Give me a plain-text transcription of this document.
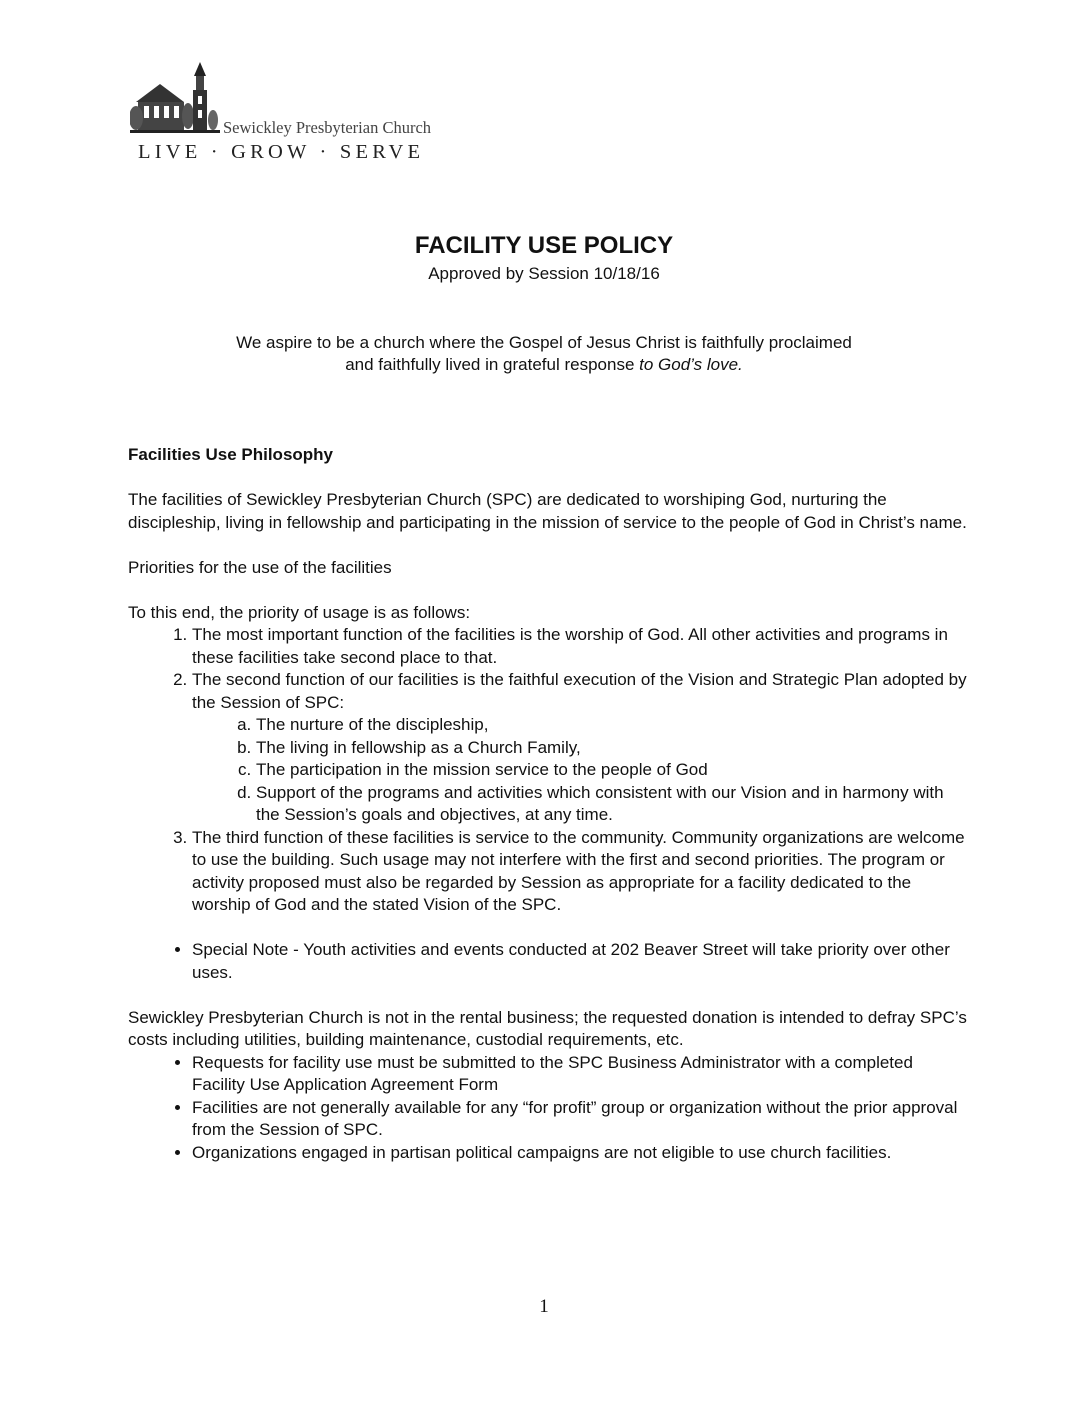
Sewickley Presbyterian Church
LIVE · GROW · SERVE
FACILITY USE POLICY
Approved by Session 10/18/16

We aspire to be a church where the Gospel of Jesus Christ is faithfully proclaimed

and faithfully lived in grateful response to God’s love.

Facilities Use Philosophy

The facilities of Sewickley Presbyterian Church (SPC) are dedicated to worshiping God, nurturing the discipleship, living in fellowship and participating in the mission of service to the people of God in Christ’s name.

Priorities for the use of the facilities

To this end, the priority of usage is as follows:

1. The most important function of the facilities is the worship of God. All other activities and programs in these facilities take second place to that.
2. The second function of our facilities is the faithful execution of the Vision and Strategic Plan adopted by the Session of SPC:
a. The nurture of the discipleship,
b. The living in fellowship as a Church Family,
c. The participation in the mission service to the people of God
d. Support of the programs and activities which consistent with our Vision and in harmony with the Session’s goals and objectives, at any time.
3. The third function of these facilities is service to the community. Community organizations are welcome to use the building. Such usage may not interfere with the first and second priorities. The program or activity proposed must also be regarded by Session as appropriate for a facility dedicated to the worship of God and the stated Vision of the SPC.
• Special Note - Youth activities and events conducted at 202 Beaver Street will take priority over other uses.

Sewickley Presbyterian Church is not in the rental business; the requested donation is intended to defray SPC’s costs including utilities, building maintenance, custodial requirements, etc.

• Requests for facility use must be submitted to the SPC Business Administrator with a completed Facility Use Application Agreement Form
• Facilities are not generally available for any “for profit” group or organization without the prior approval from the Session of SPC.
• Organizations engaged in partisan political campaigns are not eligible to use church facilities.
1
